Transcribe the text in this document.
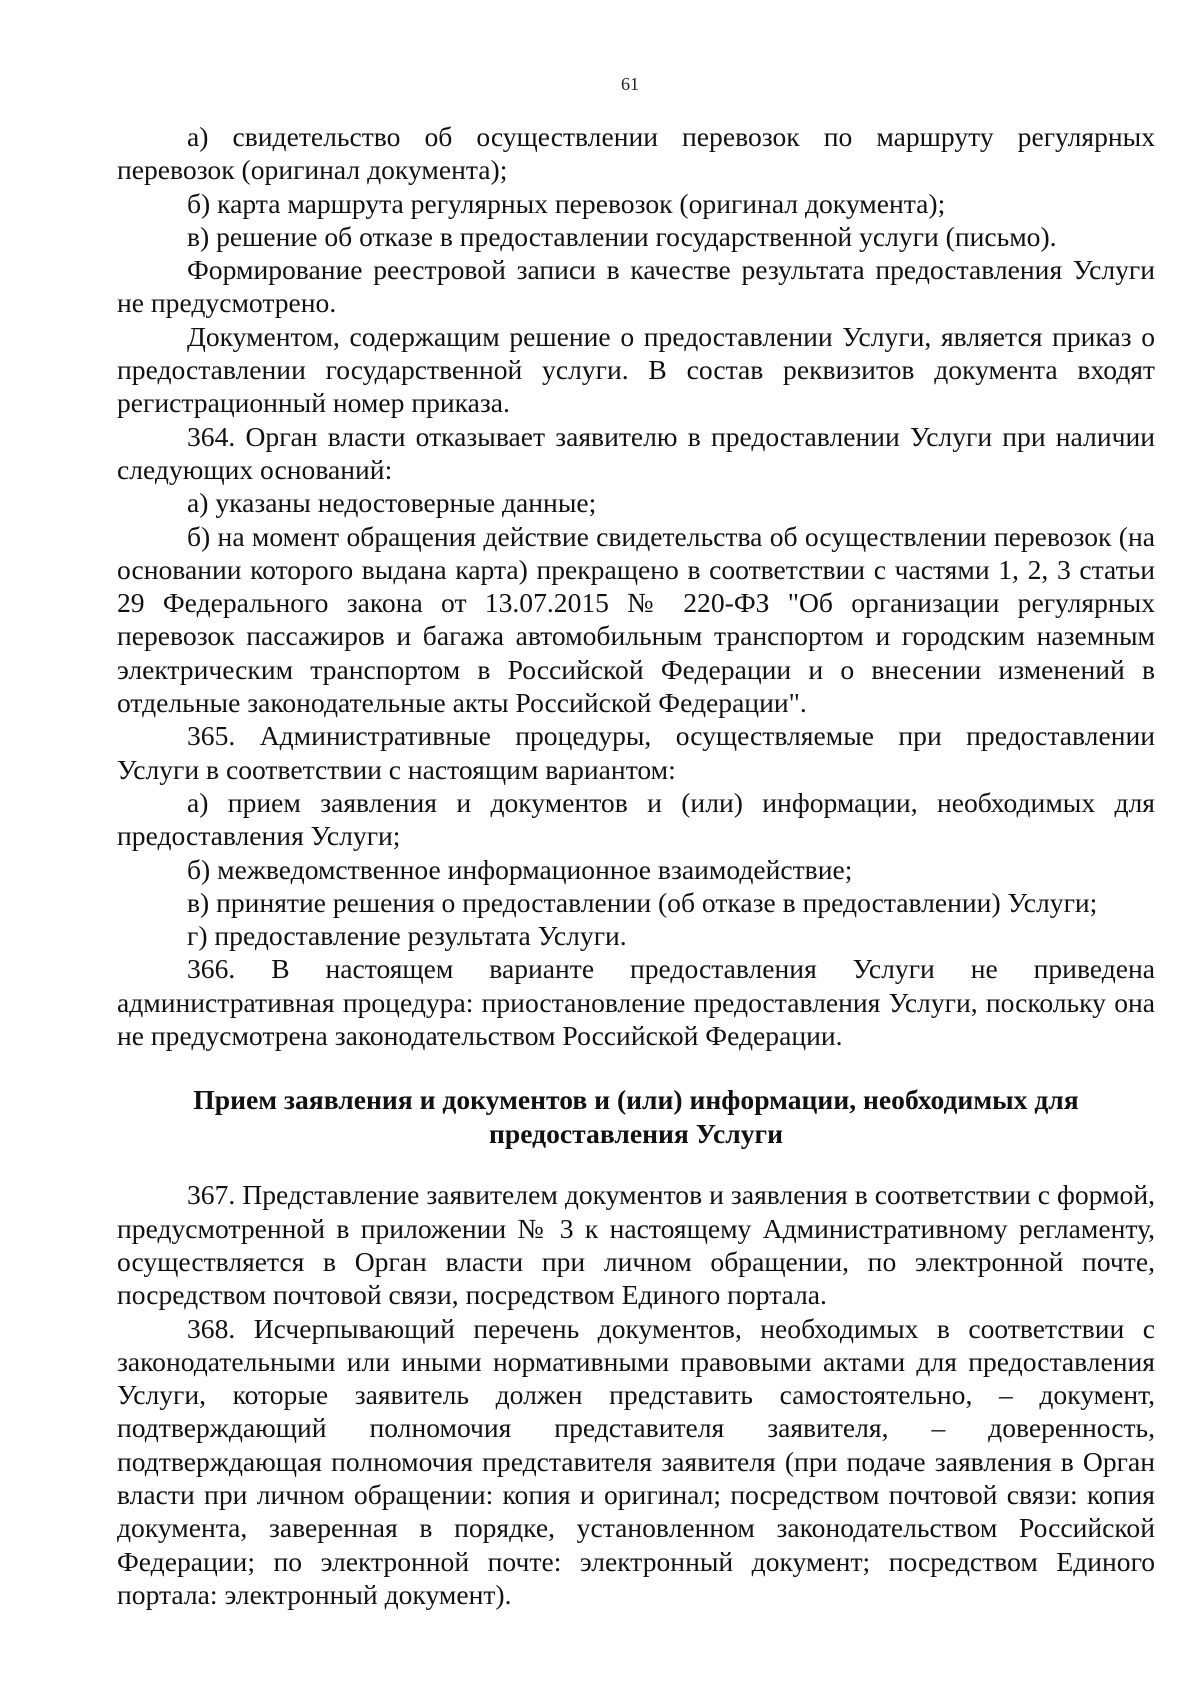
61

а) свидетельство об осуществлении перевозок по маршруту регулярных перевозок (оригинал документа);

б) карта маршрута регулярных перевозок (оригинал документа);

в) решение об отказе в предоставлении государственной услуги (письмо).

Формирование реестровой записи в качестве результата предоставления Услуги не предусмотрено.

Документом, содержащим решение о предоставлении Услуги, является приказ о предоставлении государственной услуги. В состав реквизитов документа входят регистрационный номер приказа.

364. Орган власти отказывает заявителю в предоставлении Услуги при наличии следующих оснований:

а) указаны недостоверные данные;

б) на момент обращения действие свидетельства об осуществлении перевозок (на основании которого выдана карта) прекращено в соответствии с частями 1, 2, 3 статьи 29 Федерального закона от 13.07.2015 № 220-ФЗ "Об организации регулярных перевозок пассажиров и багажа автомобильным транспортом и городским наземным электрическим транспортом в Российской Федерации и о внесении изменений в отдельные законодательные акты Российской Федерации".

365. Административные процедуры, осуществляемые при предоставлении Услуги в соответствии с настоящим вариантом:

а) прием заявления и документов и (или) информации, необходимых для предоставления Услуги;

б) межведомственное информационное взаимодействие;

в) принятие решения о предоставлении (об отказе в предоставлении) Услуги;

г) предоставление результата Услуги.

366. В настоящем варианте предоставления Услуги не приведена административная процедура: приостановление предоставления Услуги, поскольку она не предусмотрена законодательством Российской Федерации.

Прием заявления и документов и (или) информации, необходимых для предоставления Услуги

367. Представление заявителем документов и заявления в соответствии с формой, предусмотренной в приложении № 3 к настоящему Административному регламенту, осуществляется в Орган власти при личном обращении, по электронной почте, посредством почтовой связи, посредством Единого портала.

368. Исчерпывающий перечень документов, необходимых в соответствии с законодательными или иными нормативными правовыми актами для предоставления Услуги, которые заявитель должен представить самостоятельно, – документ, подтверждающий полномочия представителя заявителя, – доверенность, подтверждающая полномочия представителя заявителя (при подаче заявления в Орган власти при личном обращении: копия и оригинал; посредством почтовой связи: копия документа, заверенная в порядке, установленном законодательством Российской Федерации; по электронной почте: электронный документ; посредством Единого портала: электронный документ).
